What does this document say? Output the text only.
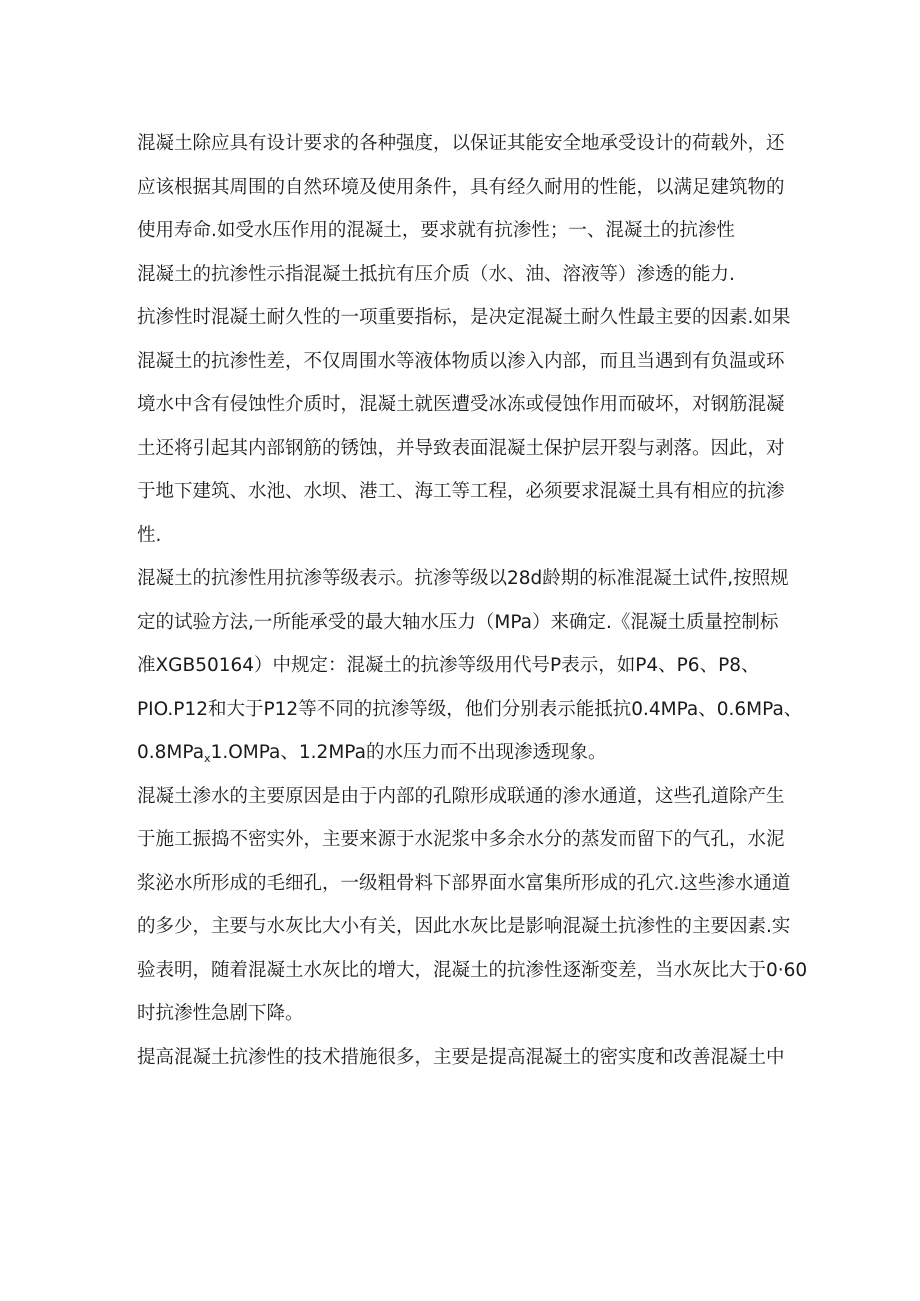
混凝土除应具有设计要求的各种强度，以保证其能安全地承受设计的荷载外，还
应该根据其周围的自然环境及使用条件，具有经久耐用的性能，以满足建筑物的
使用寿命.如受水压作用的混凝土，要求就有抗渗性；一、混凝土的抗渗性
混凝土的抗渗性示指混凝土抵抗有压介质（水、油、溶液等）渗透的能力.
抗渗性时混凝土耐久性的一项重要指标，是决定混凝土耐久性最主要的因素.如果
混凝土的抗渗性差，不仅周围水等液体物质以渗入内部，而且当遇到有负温或环
境水中含有侵蚀性介质时，混凝土就医遭受冰冻或侵蚀作用而破坏，对钢筋混凝
土还将引起其内部钢筋的锈蚀，并导致表面混凝土保护层开裂与剥落。因此，对
于地下建筑、水池、水坝、港工、海工等工程，必须要求混凝土具有相应的抗渗
性.
混凝土的抗渗性用抗渗等级表示。抗渗等级以28d龄期的标准混凝土试件,按照规
定的试验方法,一所能承受的最大轴水压力（MPa）来确定.《混凝土质量控制标
准XGB50164）中规定：混凝土的抗渗等级用代号P表示，如P4、P6、P8、
PIO.P12和大于P12等不同的抗渗等级，他们分别表示能抵抗0.4MPa、0.6MPa、
0.8MPa$_x$1.OMPa、1.2MPa的水压力而不出现渗透现象。
混凝土渗水的主要原因是由于内部的孔隙形成联通的渗水通道，这些孔道除产生
于施工振捣不密实外，主要来源于水泥浆中多余水分的蒸发而留下的气孔，水泥
浆泌水所形成的毛细孔，一级粗骨料下部界面水富集所形成的孔穴.这些渗水通道
的多少，主要与水灰比大小有关，因此水灰比是影响混凝土抗渗性的主要因素.实
验表明，随着混凝土水灰比的增大，混凝土的抗渗性逐渐变差，当水灰比大于0·60
时抗渗性急剧下降。
提高混凝土抗渗性的技术措施很多，主要是提高混凝土的密实度和改善混凝土中
